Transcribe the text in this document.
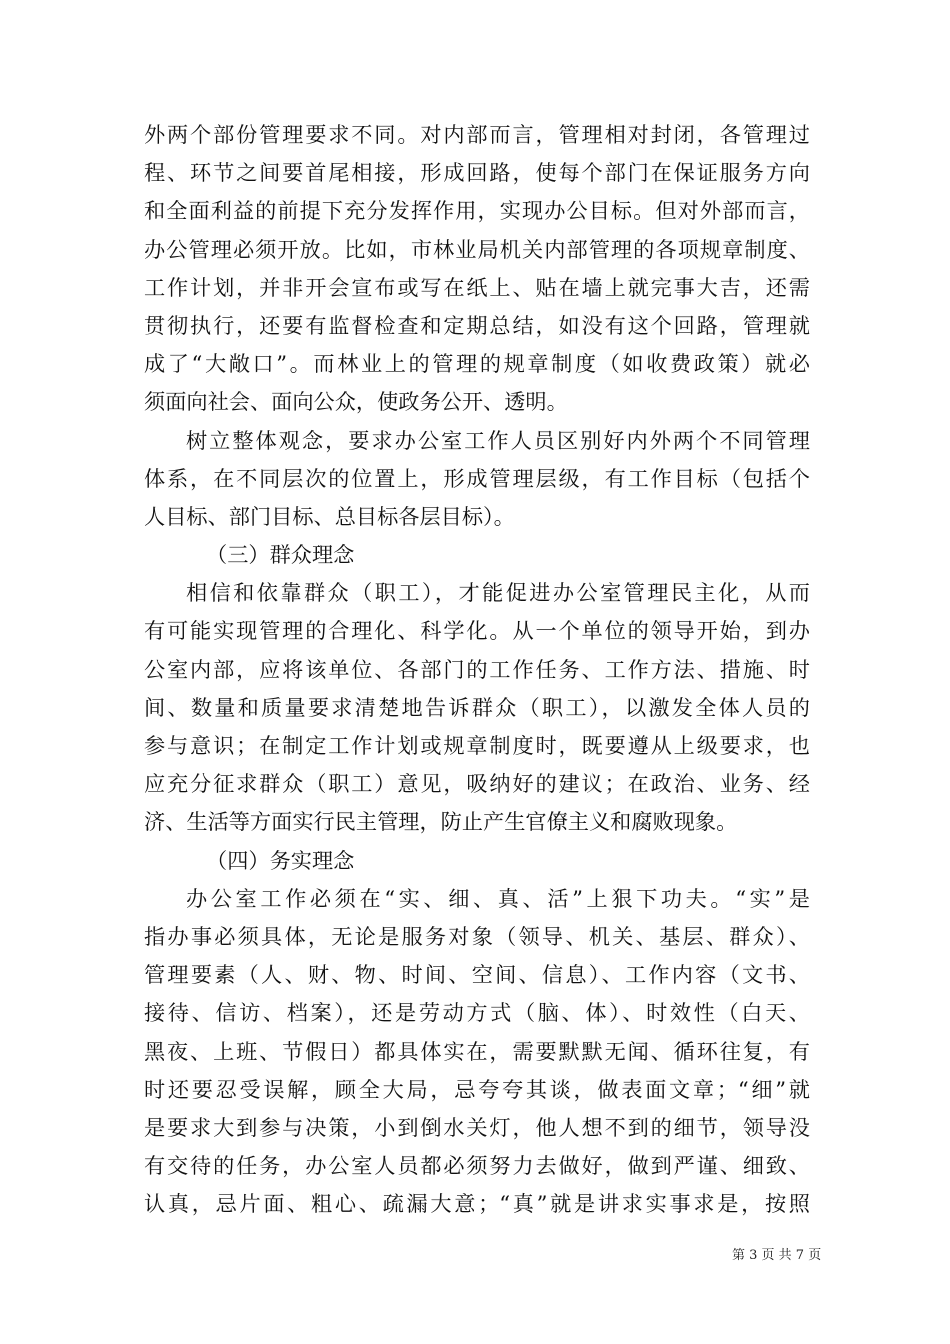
外两个部份管理要求不同。对内部而言，管理相对封闭，各管理过
程、环节之间要首尾相接，形成回路，使每个部门在保证服务方向
和全面利益的前提下充分发挥作用，实现办公目标。但对外部而言，
办公管理必须开放。比如，市林业局机关内部管理的各项规章制度、
工作计划，并非开会宣布或写在纸上、贴在墙上就完事大吉，还需
贯彻执行，还要有监督检查和定期总结，如没有这个回路，管理就
成了“大敞口”。而林业上的管理的规章制度（如收费政策）就必
须面向社会、面向公众，使政务公开、透明。
树立整体观念，要求办公室工作人员区别好内外两个不同管理
体系，在不同层次的位置上，形成管理层级，有工作目标（包括个
人目标、部门目标、总目标各层目标）。
（三）群众理念
相信和依靠群众（职工），才能促进办公室管理民主化，从而
有可能实现管理的合理化、科学化。从一个单位的领导开始，到办
公室内部，应将该单位、各部门的工作任务、工作方法、措施、时
间、数量和质量要求清楚地告诉群众（职工），以激发全体人员的
参与意识；在制定工作计划或规章制度时，既要遵从上级要求，也
应充分征求群众（职工）意见，吸纳好的建议；在政治、业务、经
济、生活等方面实行民主管理，防止产生官僚主义和腐败现象。
（四）务实理念
办公室工作必须在“实、细、真、活”上狠下功夫。“实”是
指办事必须具体，无论是服务对象（领导、机关、基层、群众）、
管理要素（人、财、物、时间、空间、信息）、工作内容（文书、
接待、信访、档案），还是劳动方式（脑、体）、时效性（白天、
黑夜、上班、节假日）都具体实在，需要默默无闻、循环往复，有
时还要忍受误解，顾全大局，忌夸夸其谈，做表面文章；“细”就
是要求大到参与决策，小到倒水关灯，他人想不到的细节，领导没
有交待的任务，办公室人员都必须努力去做好，做到严谨、细致、
认真，忌片面、粗心、疏漏大意；“真”就是讲求实事求是，按照
第 3 页 共 7 页
